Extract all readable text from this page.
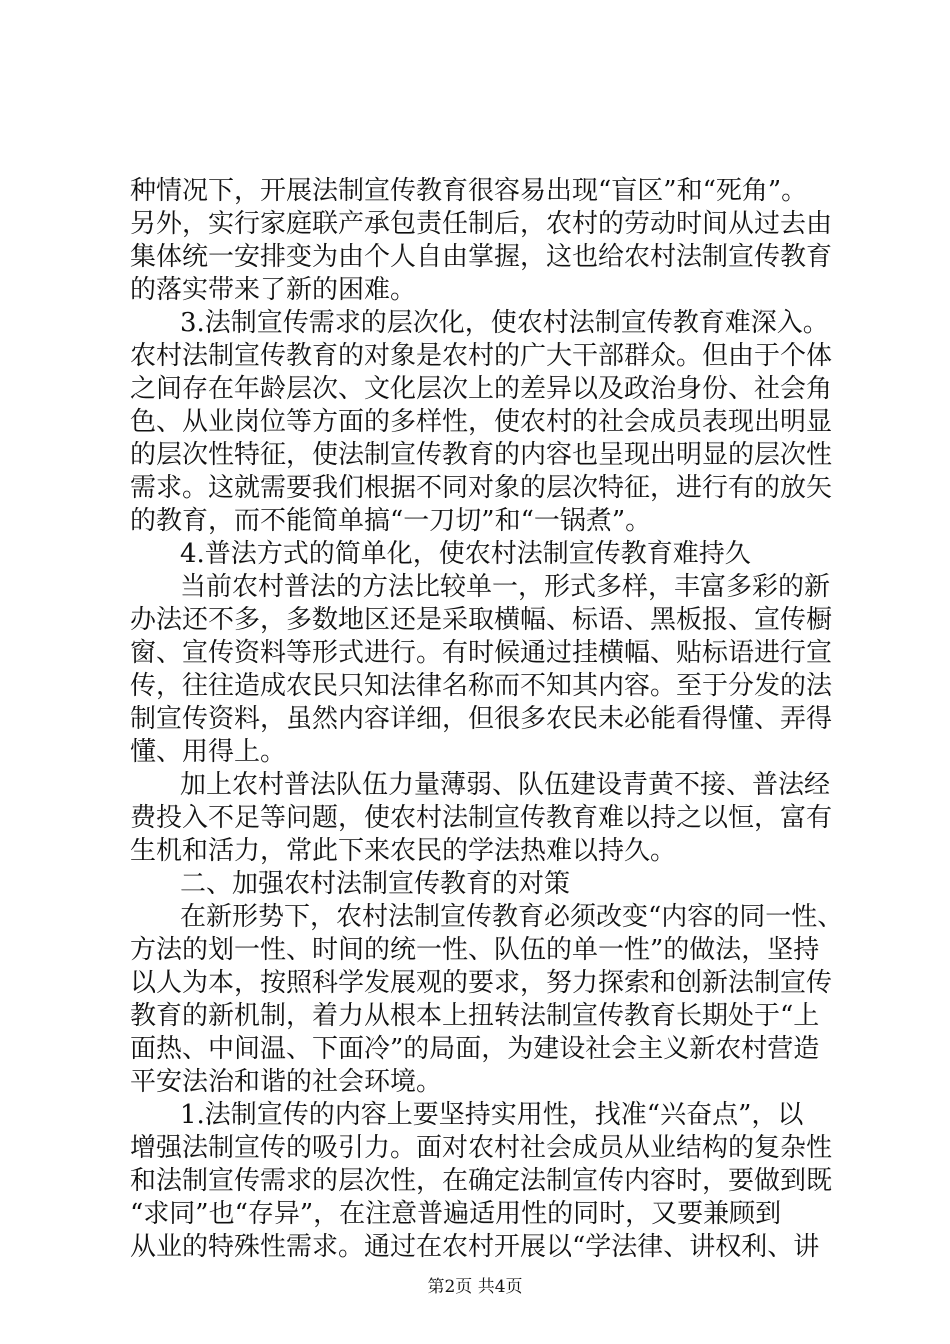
种情况下，开展法制宣传教育很容易出现“盲区”和“死角”。
另外，实行家庭联产承包责任制后，农村的劳动时间从过去由
集体统一安排变为由个人自由掌握，这也给农村法制宣传教育
的落实带来了新的困难。
3.法制宣传需求的层次化，使农村法制宣传教育难深入。
农村法制宣传教育的对象是农村的广大干部群众。但由于个体
之间存在年龄层次、文化层次上的差异以及政治身份、社会角
色、从业岗位等方面的多样性，使农村的社会成员表现出明显
的层次性特征，使法制宣传教育的内容也呈现出明显的层次性
需求。这就需要我们根据不同对象的层次特征，进行有的放矢
的教育，而不能简单搞“一刀切”和“一锅煮”。
4.普法方式的简单化，使农村法制宣传教育难持久
当前农村普法的方法比较单一，形式多样，丰富多彩的新
办法还不多，多数地区还是采取横幅、标语、黑板报、宣传橱
窗、宣传资料等形式进行。有时候通过挂横幅、贴标语进行宣
传，往往造成农民只知法律名称而不知其内容。至于分发的法
制宣传资料，虽然内容详细，但很多农民未必能看得懂、弄得
懂、用得上。
加上农村普法队伍力量薄弱、队伍建设青黄不接、普法经
费投入不足等问题，使农村法制宣传教育难以持之以恒，富有
生机和活力，常此下来农民的学法热难以持久。
二、加强农村法制宣传教育的对策
在新形势下，农村法制宣传教育必须改变“内容的同一性、
方法的划一性、时间的统一性、队伍的单一性”的做法，坚持
以人为本，按照科学发展观的要求，努力探索和创新法制宣传
教育的新机制，着力从根本上扭转法制宣传教育长期处于“上
面热、中间温、下面冷”的局面，为建设社会主义新农村营造
平安法治和谐的社会环境。
1.法制宣传的内容上要坚持实用性，找准“兴奋点”，以
增强法制宣传的吸引力。面对农村社会成员从业结构的复杂性
和法制宣传需求的层次性，在确定法制宣传内容时，要做到既
“求同”也“存异”，在注意普遍适用性的同时，又要兼顾到
从业的特殊性需求。通过在农村开展以“学法律、讲权利、讲
第2页 共4页
